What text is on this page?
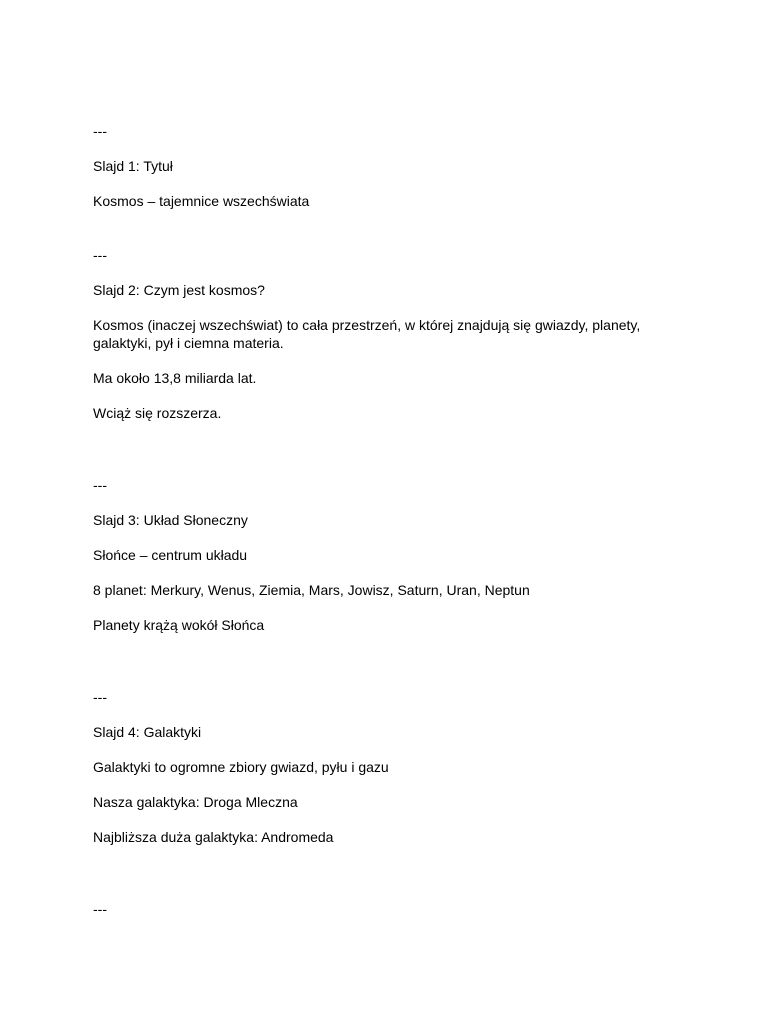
---
Slajd 1: Tytuł
Kosmos – tajemnice wszechświata
---
Slajd 2: Czym jest kosmos?
Kosmos (inaczej wszechświat) to cała przestrzeń, w której znajdują się gwiazdy, planety, galaktyki, pył i ciemna materia.
Ma około 13,8 miliarda lat.
Wciąż się rozszerza.
---
Slajd 3: Układ Słoneczny
Słońce – centrum układu
8 planet: Merkury, Wenus, Ziemia, Mars, Jowisz, Saturn, Uran, Neptun
Planety krążą wokół Słońca
---
Slajd 4: Galaktyki
Galaktyki to ogromne zbiory gwiazd, pyłu i gazu
Nasza galaktyka: Droga Mleczna
Najbliższa duża galaktyka: Andromeda
---
